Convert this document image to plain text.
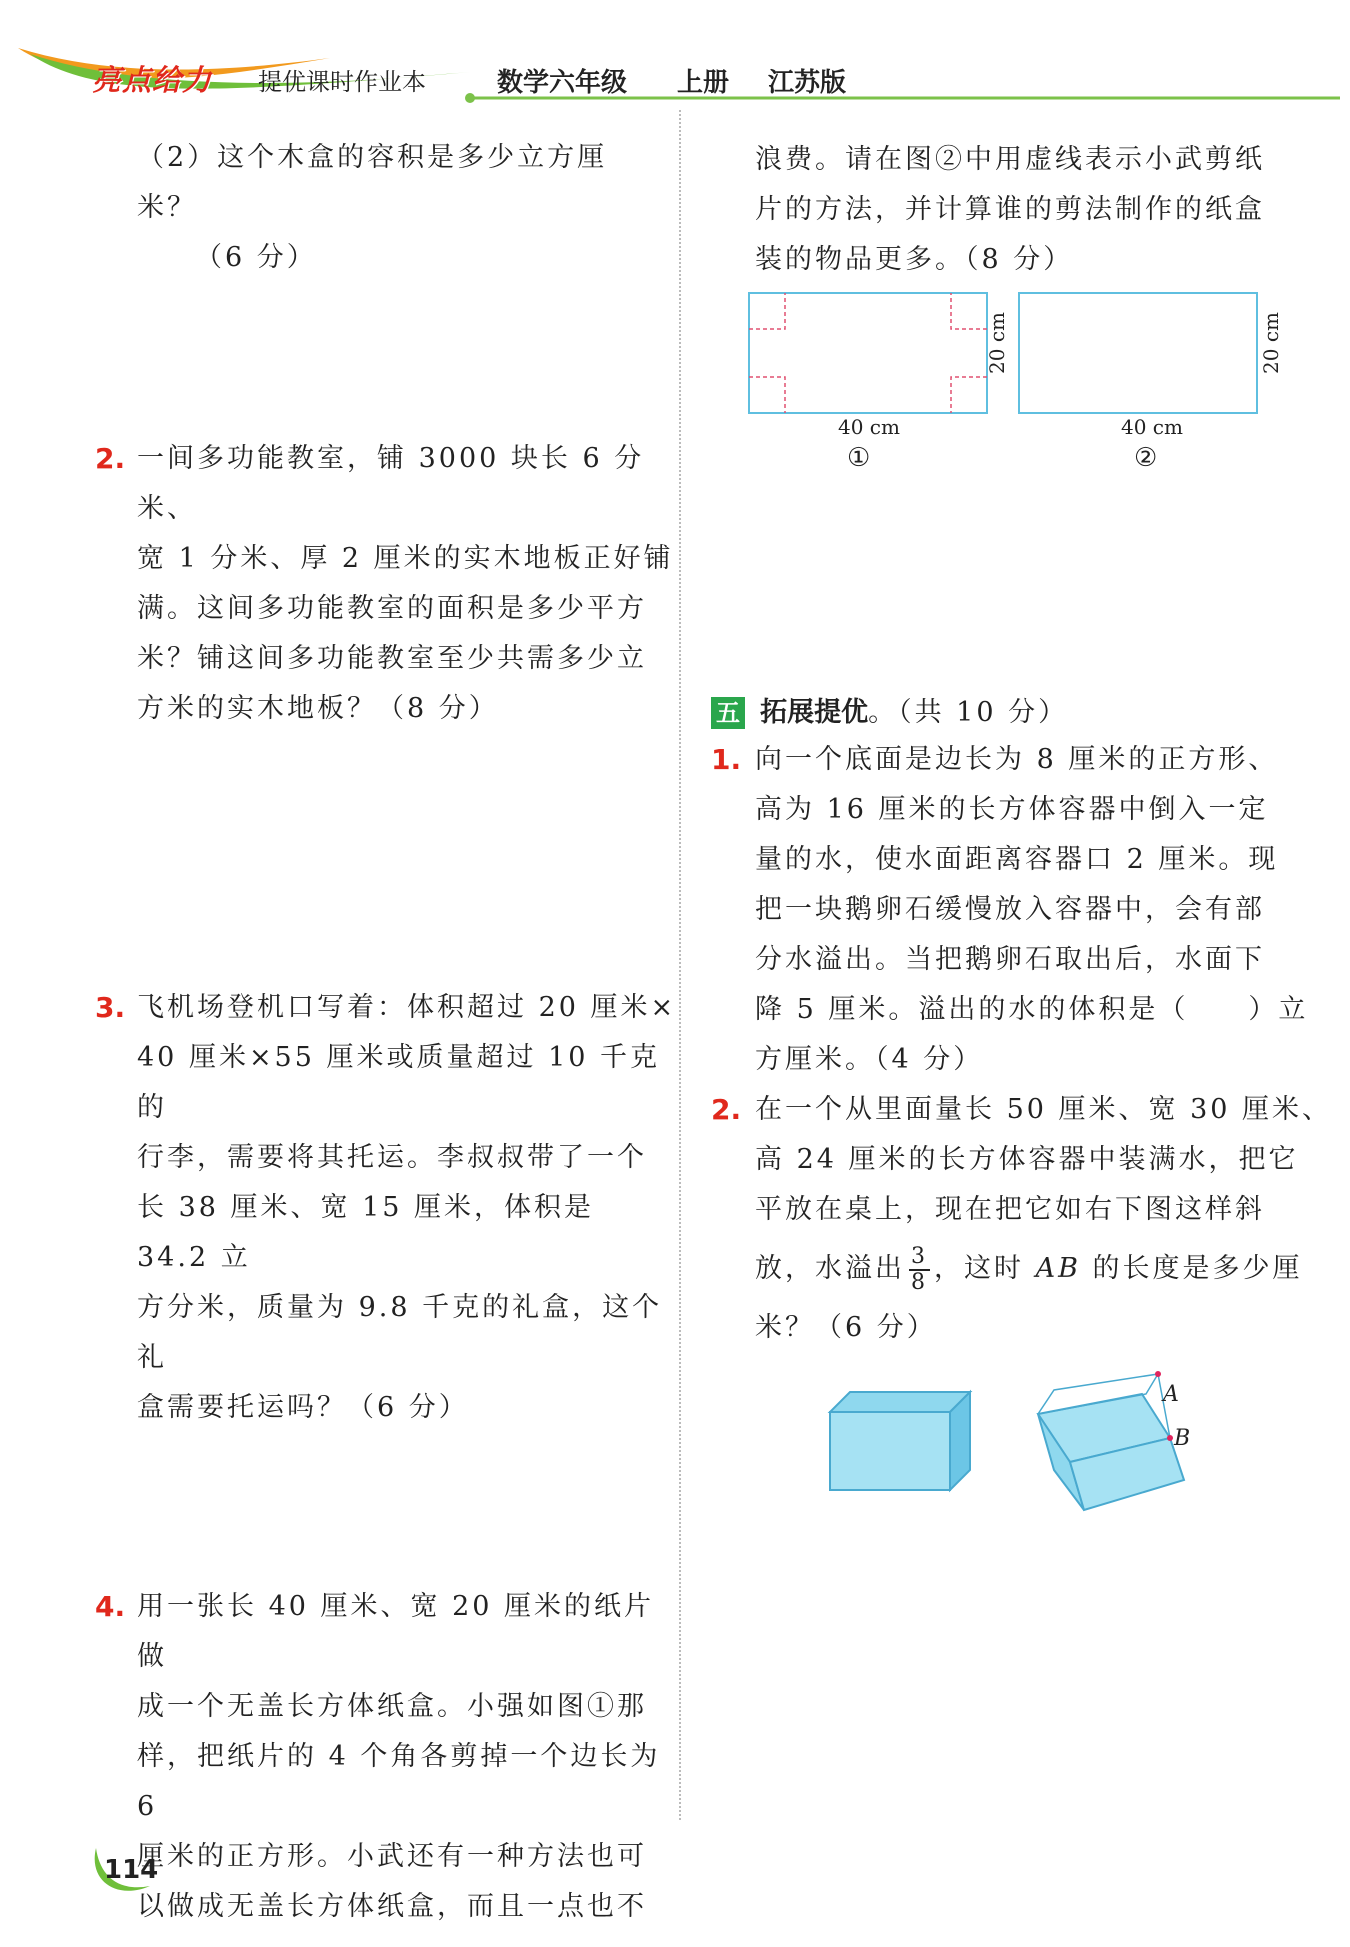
亮点给力 提优课时作业本	数学六年级 上册 江苏版
（2）这个木盒的容积是多少立方厘米？
（6 分）
2. 一间多功能教室，铺 3000 块长 6 分米、
宽 1 分米、厚 2 厘米的实木地板正好铺
满。这间多功能教室的面积是多少平方
米？铺这间多功能教室至少共需多少立
方米的实木地板？（8 分）
3. 飞机场登机口写着：体积超过 20 厘米×
40 厘米×55 厘米或质量超过 10 千克的
行李，需要将其托运。李叔叔带了一个
长 38 厘米、宽 15 厘米，体积是 34.2 立
方分米，质量为 9.8 千克的礼盒，这个礼
盒需要托运吗？（6 分）
4. 用一张长 40 厘米、宽 20 厘米的纸片做
成一个无盖长方体纸盒。小强如图①那
样，把纸片的 4 个角各剪掉一个边长为 6
厘米的正方形。小武还有一种方法也可
以做成无盖长方体纸盒，而且一点也不
浪费。请在图②中用虚线表示小武剪纸
片的方法，并计算谁的剪法制作的纸盒
装的物品更多。（8 分）
40 cm
20 cm
①
40 cm
20 cm
②
五 拓展提优。（共 10 分）
1. 向一个底面是边长为 8 厘米的正方形、
高为 16 厘米的长方体容器中倒入一定
量的水，使水面距离容器口 2 厘米。现
把一块鹅卵石缓慢放入容器中，会有部
分水溢出。当把鹅卵石取出后，水面下
降 5 厘米。溢出的水的体积是（　　）立
方厘米。（4 分）
2. 在一个从里面量长 50 厘米、宽 30 厘米、
高 24 厘米的长方体容器中装满水，把它
平放在桌上，现在把它如右下图这样斜
放，水溢出 $\frac{3}{8}$ ，这时 AB 的长度是多少厘
米？（6 分）
A
B
114
